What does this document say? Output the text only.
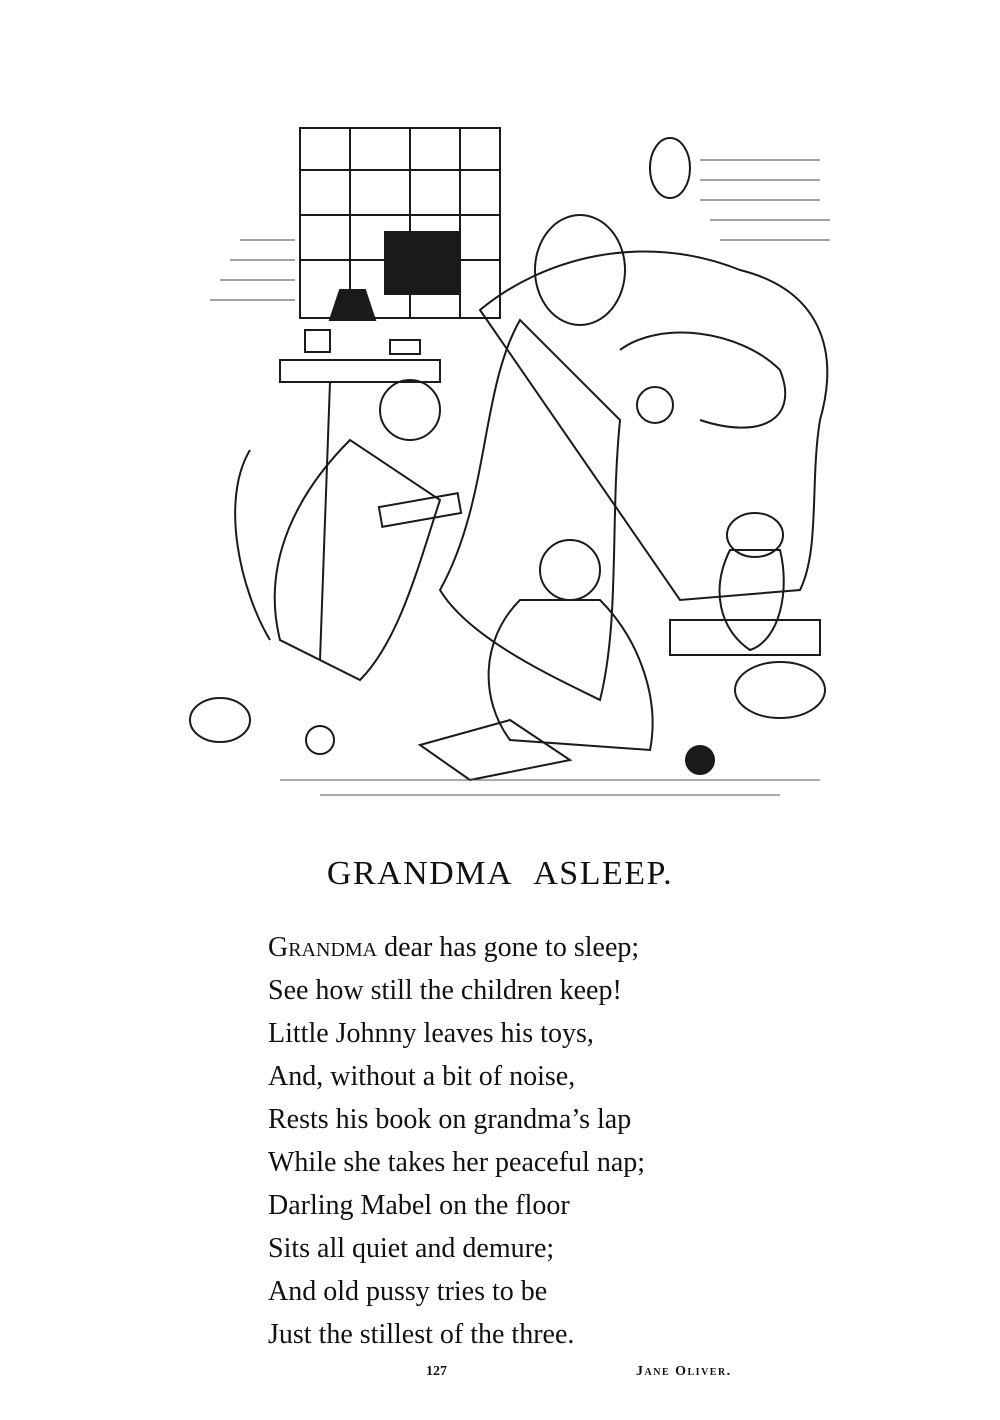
GRANDMA ASLEEP.
Grandma dear has gone to sleep;
See how still the children keep!
Little Johnny leaves his toys,
And, without a bit of noise,
Rests his book on grandma’s lap
While she takes her peaceful nap;
Darling Mabel on the floor
Sits all quiet and demure;
And old pussy tries to be
Just the stillest of the three.
127	Jane Oliver.
